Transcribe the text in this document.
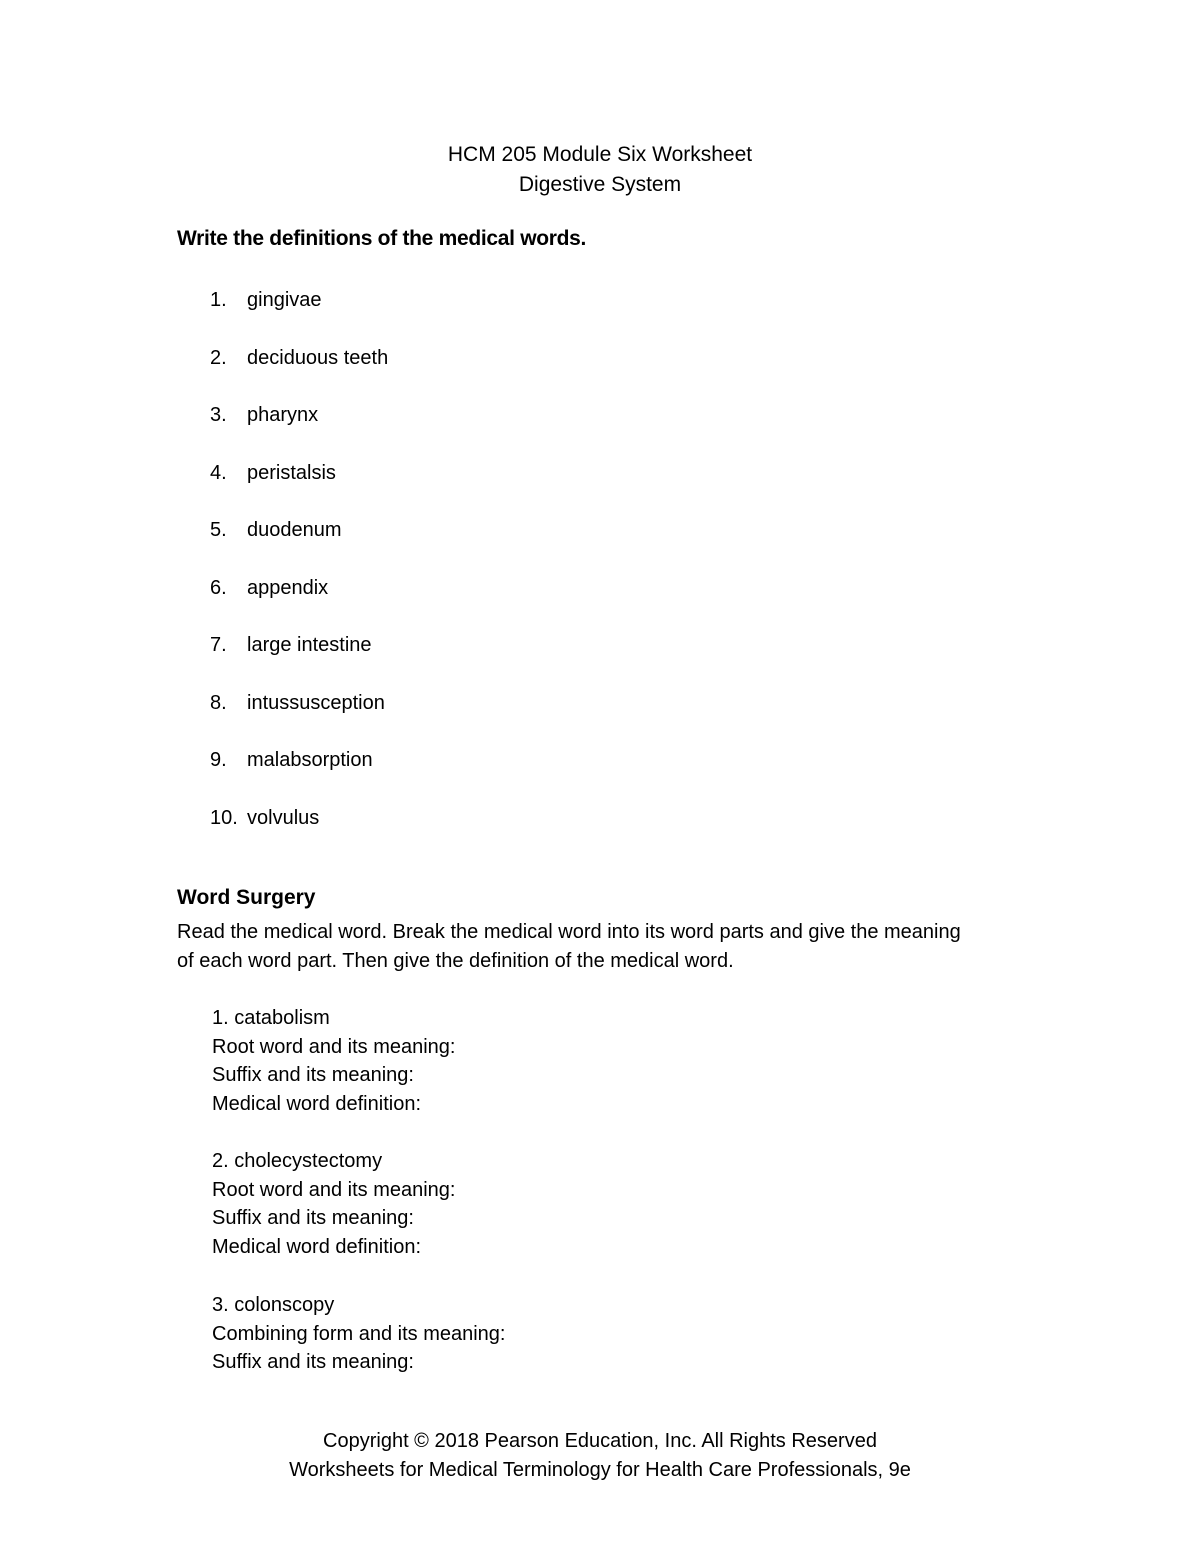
HCM 205 Module Six Worksheet
Digestive System
Write the definitions of the medical words.
1. gingivae
2. deciduous teeth
3. pharynx
4. peristalsis
5. duodenum
6. appendix
7. large intestine
8. intussusception
9. malabsorption
10. volvulus
Word Surgery
Read the medical word. Break the medical word into its word parts and give the meaning of each word part. Then give the definition of the medical word.
1. catabolism
Root word and its meaning:
Suffix and its meaning:
Medical word definition:
2. cholecystectomy
Root word and its meaning:
Suffix and its meaning:
Medical word definition:
3. colonscopy
Combining form and its meaning:
Suffix and its meaning:
Copyright © 2018 Pearson Education, Inc. All Rights Reserved
Worksheets for Medical Terminology for Health Care Professionals, 9e
